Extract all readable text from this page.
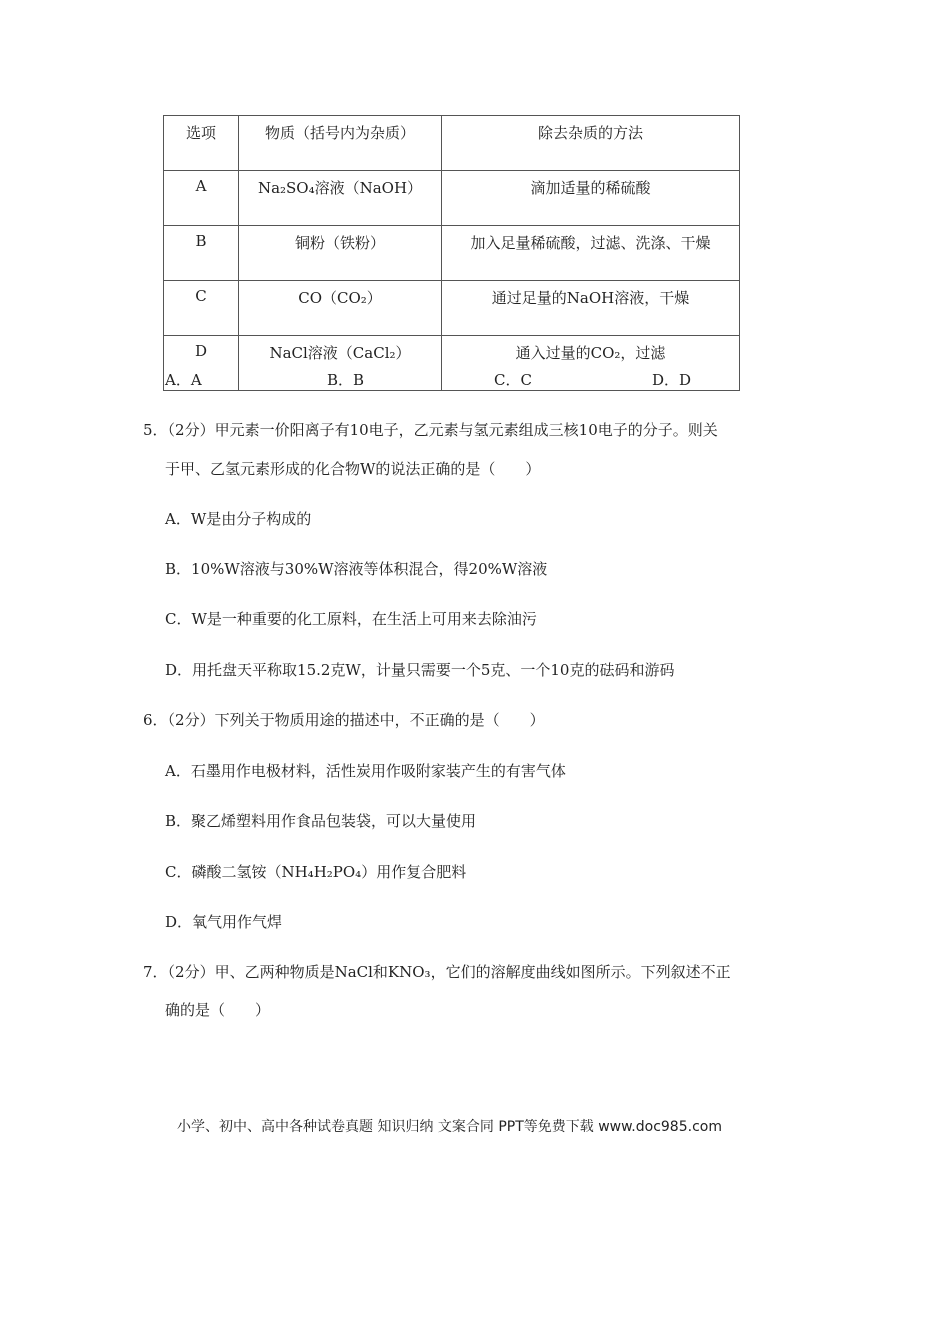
选项	物质（括号内为杂质）	除去杂质的方法
A	Na₂SO₄溶液（NaOH）	滴加适量的稀硫酸
B	铜粉（铁粉）	加入足量稀硫酸，过滤、洗涤、干燥
C	CO（CO₂）	通过足量的NaOH溶液，干燥
D	NaCl溶液（CaCl₂）	通入过量的CO₂，过滤
A．A	B．B	C．C	D．D
5．（2分）甲元素一价阳离子有10电子，乙元素与氢元素组成三核10电子的分子。则关
于甲、乙氢元素形成的化合物W的说法正确的是（　　）
A．W是由分子构成的
B．10%W溶液与30%W溶液等体积混合，得20%W溶液
C．W是一种重要的化工原料，在生活上可用来去除油污
D．用托盘天平称取15.2克W，计量只需要一个5克、一个10克的砝码和游码
6．（2分）下列关于物质用途的描述中，不正确的是（　　）
A．石墨用作电极材料，活性炭用作吸附家装产生的有害气体
B．聚乙烯塑料用作食品包装袋，可以大量使用
C．磷酸二氢铵（NH₄H₂PO₄）用作复合肥料
D．氧气用作气焊
7．（2分）甲、乙两种物质是NaCl和KNO₃，它们的溶解度曲线如图所示。下列叙述不正
确的是（　　）
小学、初中、高中各种试卷真题 知识归纳 文案合同 PPT等免费下载 www.doc985.com
